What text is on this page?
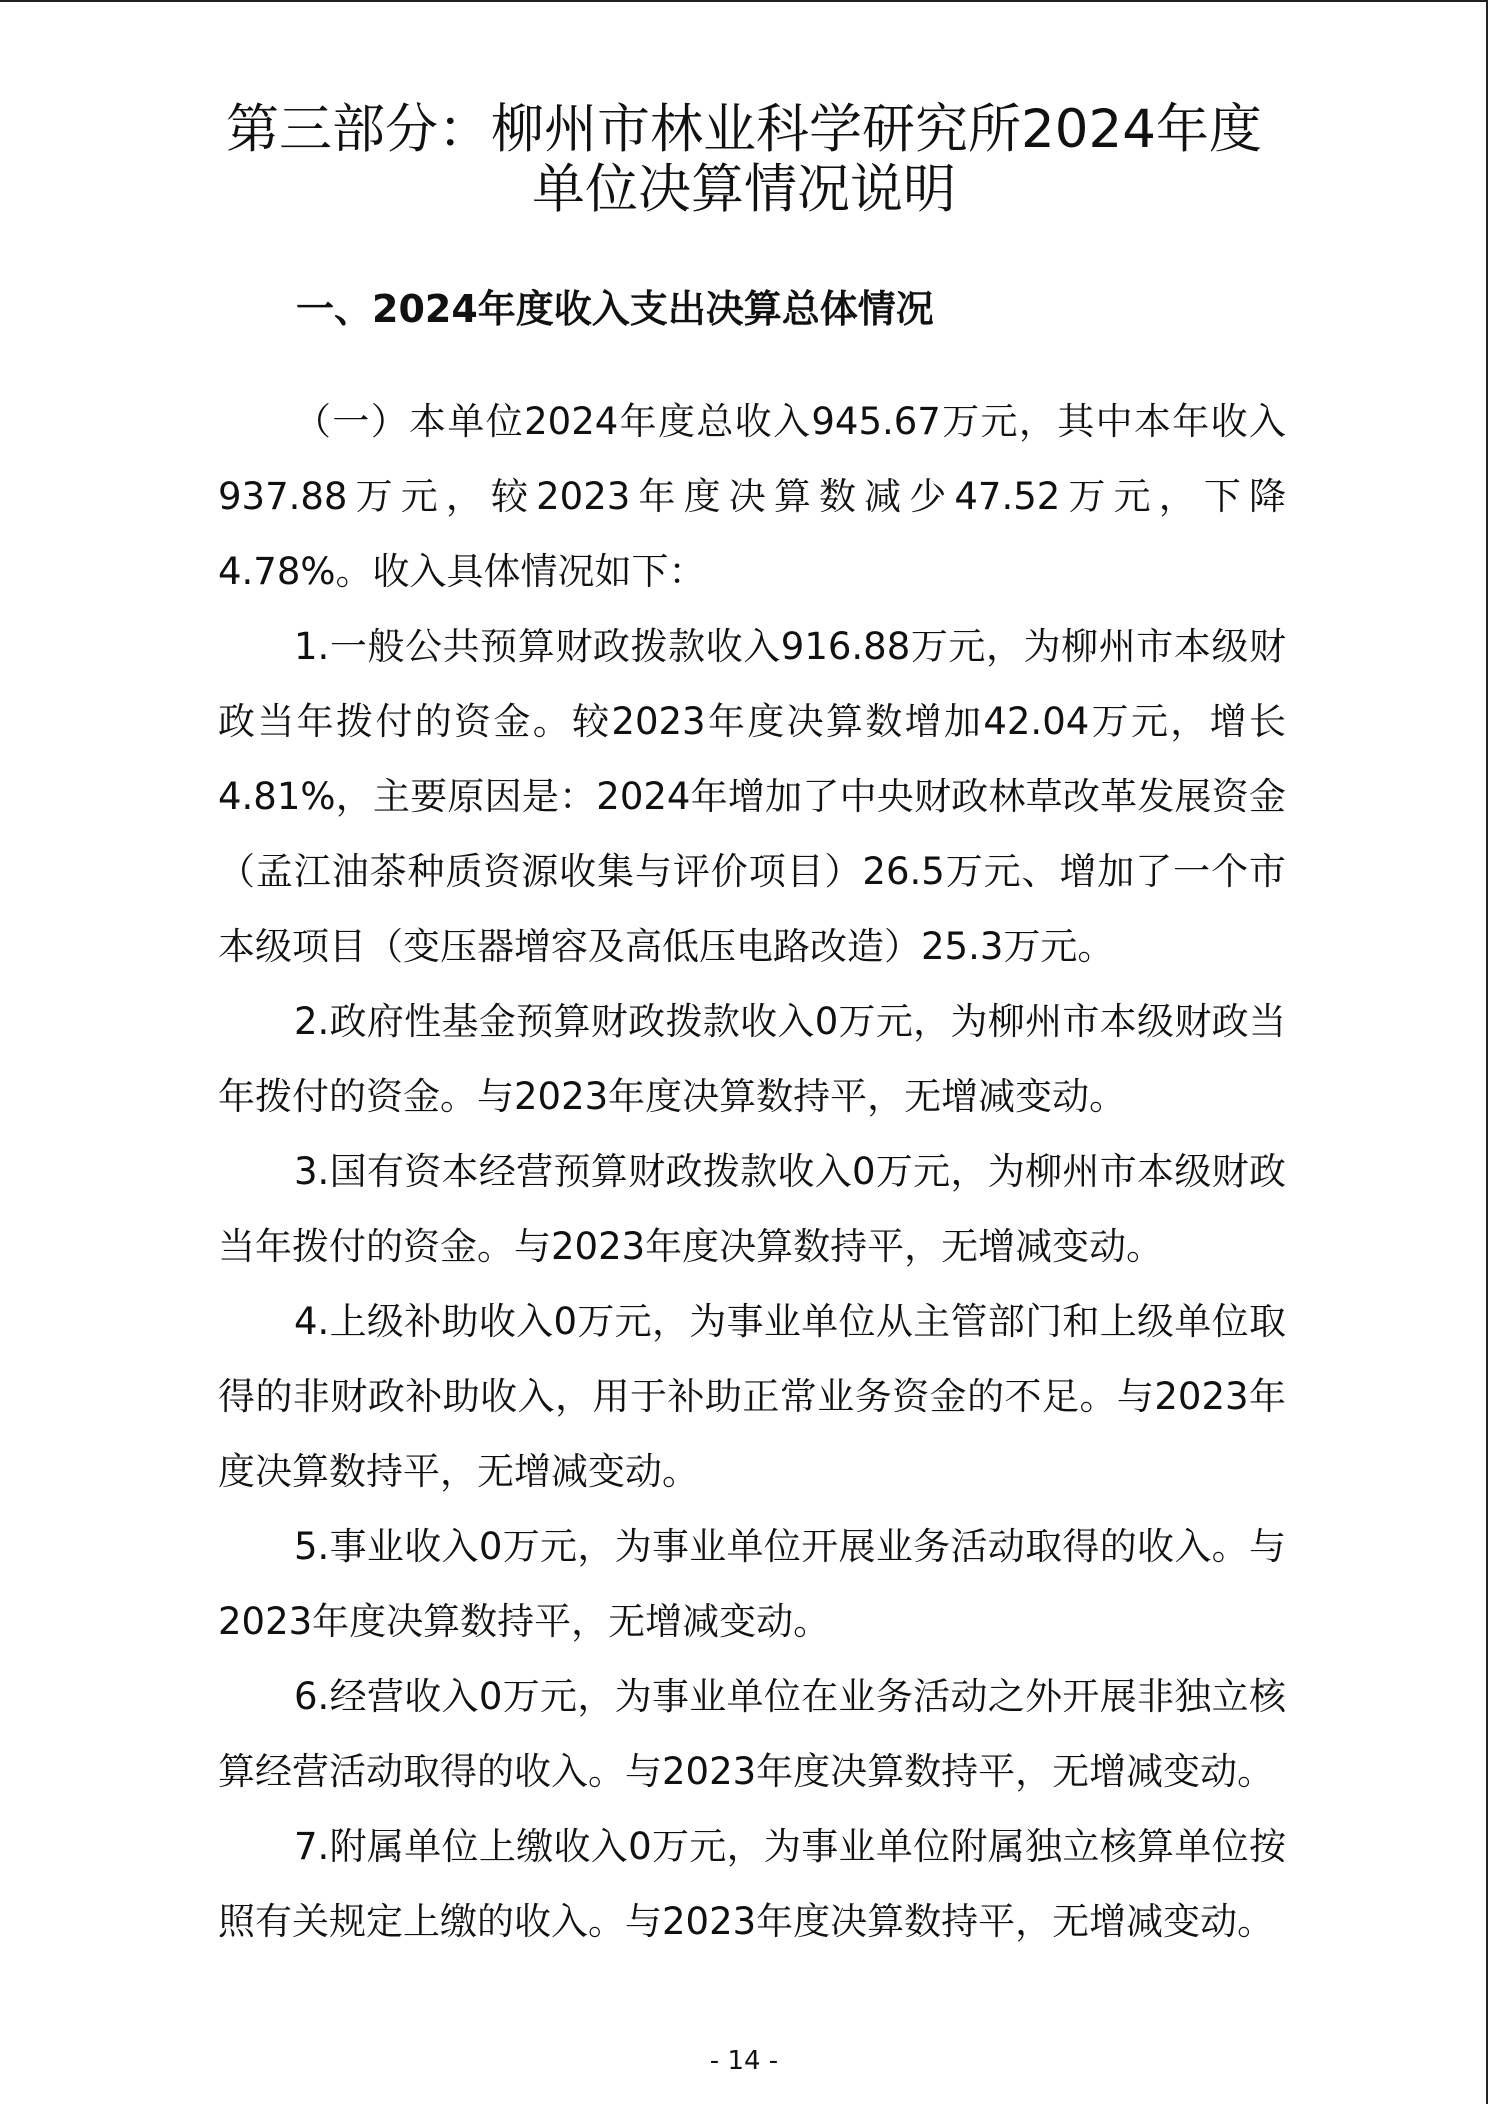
第三部分：柳州市林业科学研究所2024年度
单位决算情况说明
一、2024年度收入支出决算总体情况

（一）本单位2024年度总收入945.67万元，其中本年收入937.88万元，较2023年度决算数减少47.52万元，下降4.78%。收入具体情况如下：

1.一般公共预算财政拨款收入916.88万元，为柳州市本级财政当年拨付的资金。较2023年度决算数增加42.04万元，增长4.81%，主要原因是：2024年增加了中央财政林草改革发展资金（孟江油茶种质资源收集与评价项目）26.5万元、增加了一个市本级项目（变压器增容及高低压电路改造）25.3万元。

2.政府性基金预算财政拨款收入0万元，为柳州市本级财政当年拨付的资金。与2023年度决算数持平，无增减变动。

3.国有资本经营预算财政拨款收入0万元，为柳州市本级财政当年拨付的资金。与2023年度决算数持平，无增减变动。

4.上级补助收入0万元，为事业单位从主管部门和上级单位取得的非财政补助收入，用于补助正常业务资金的不足。与2023年度决算数持平，无增减变动。

5.事业收入0万元，为事业单位开展业务活动取得的收入。与2023年度决算数持平，无增减变动。

6.经营收入0万元，为事业单位在业务活动之外开展非独立核算经营活动取得的收入。与2023年度决算数持平，无增减变动。

7.附属单位上缴收入0万元，为事业单位附属独立核算单位按照有关规定上缴的收入。与2023年度决算数持平，无增减变动。

- 14 -
